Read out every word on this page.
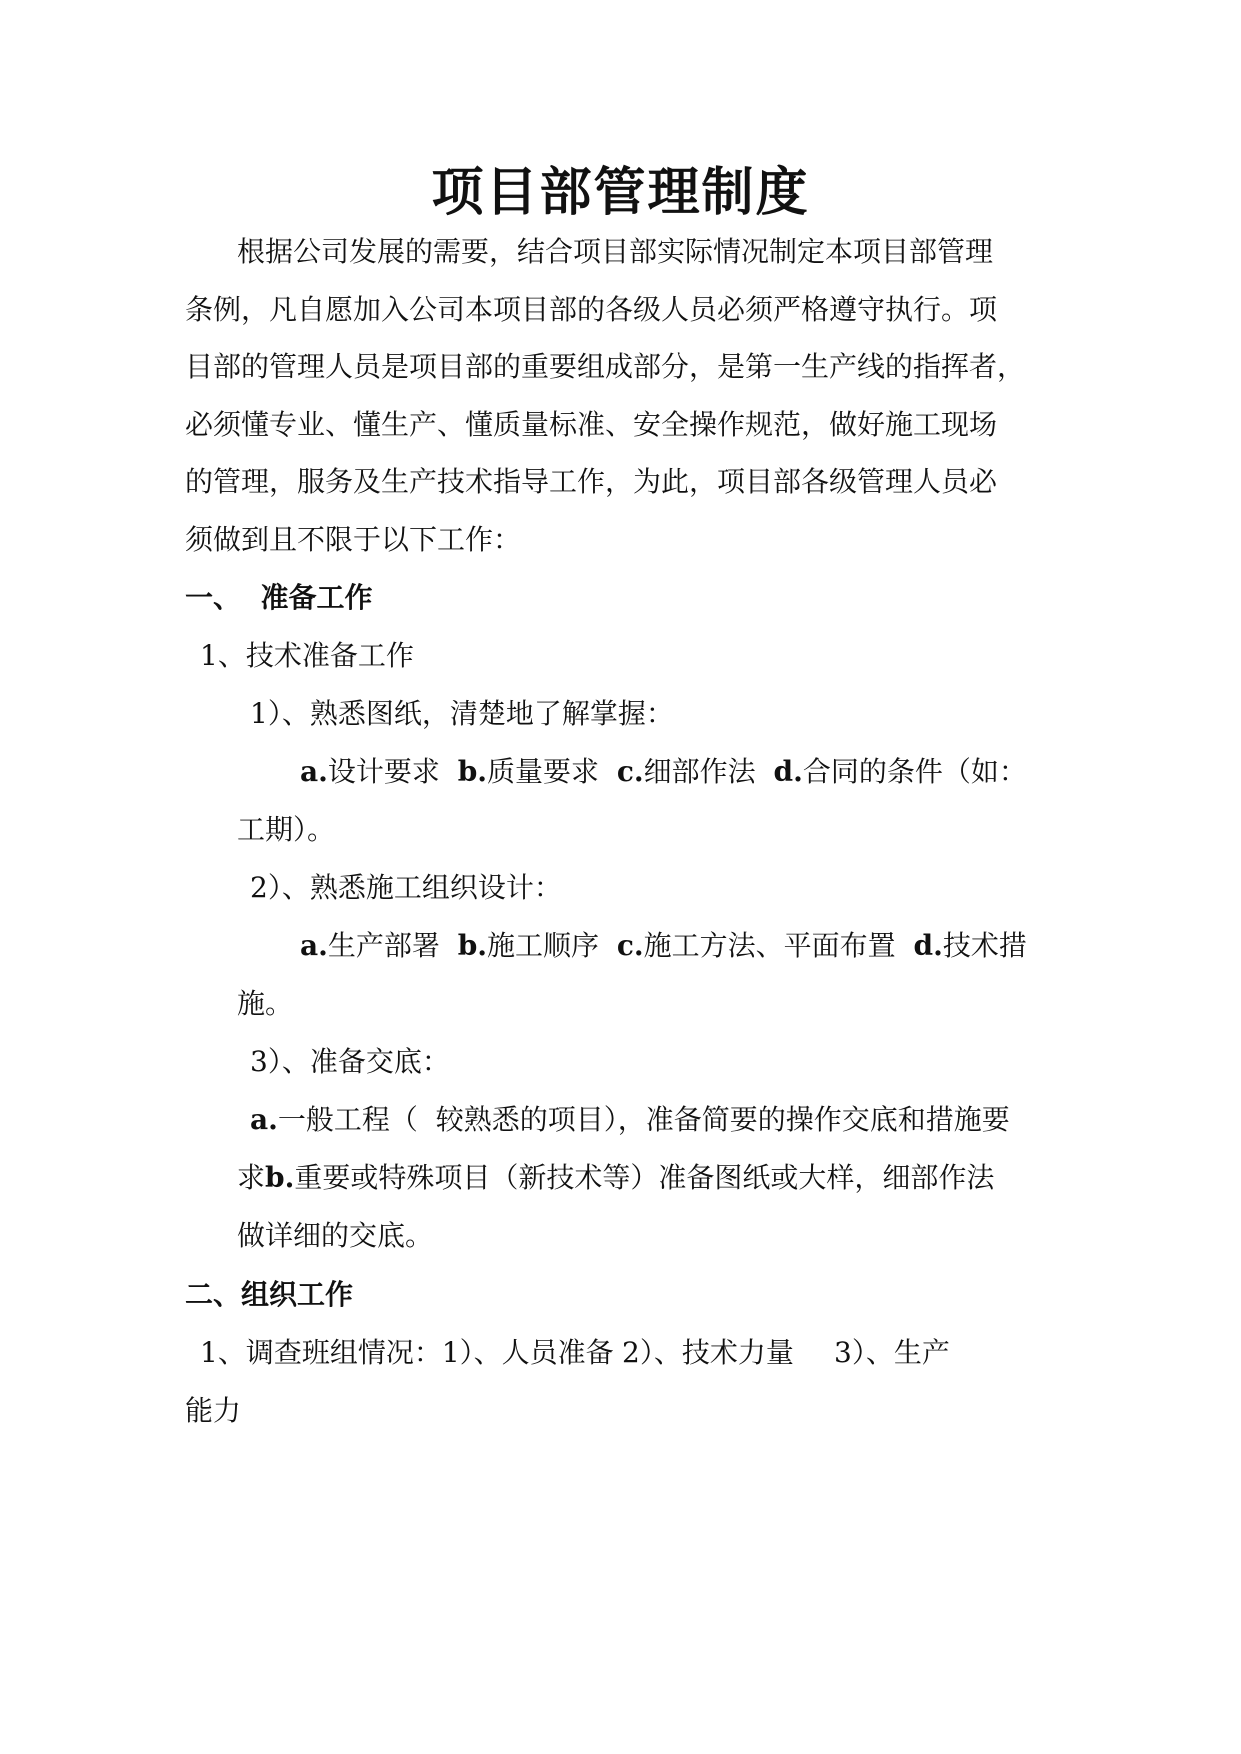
项目部管理制度
根据公司发展的需要，结合项目部实际情况制定本项目部管理
条例，凡自愿加入公司本项目部的各级人员必须严格遵守执行。项
目部的管理人员是项目部的重要组成部分，是第一生产线的指挥者，
必须懂专业、懂生产、懂质量标准、安全操作规范，做好施工现场
的管理，服务及生产技术指导工作，为此，项目部各级管理人员必
须做到且不限于以下工作：
一、  准备工作
1、技术准备工作
1）、熟悉图纸，清楚地了解掌握：
a.设计要求 b.质量要求 c.细部作法 d.合同的条件（如：
工期）。
2）、熟悉施工组织设计：
a.生产部署 b.施工顺序 c.施工方法、平面布置 d.技术措
施。
3）、准备交底：
a.一般工程（  较熟悉的项目），准备简要的操作交底和措施要
求b.重要或特殊项目（新技术等）准备图纸或大样，细部作法
做详细的交底。
二、组织工作
1、调查班组情况：1）、人员准备 2）、技术力量 3）、生产
能力
